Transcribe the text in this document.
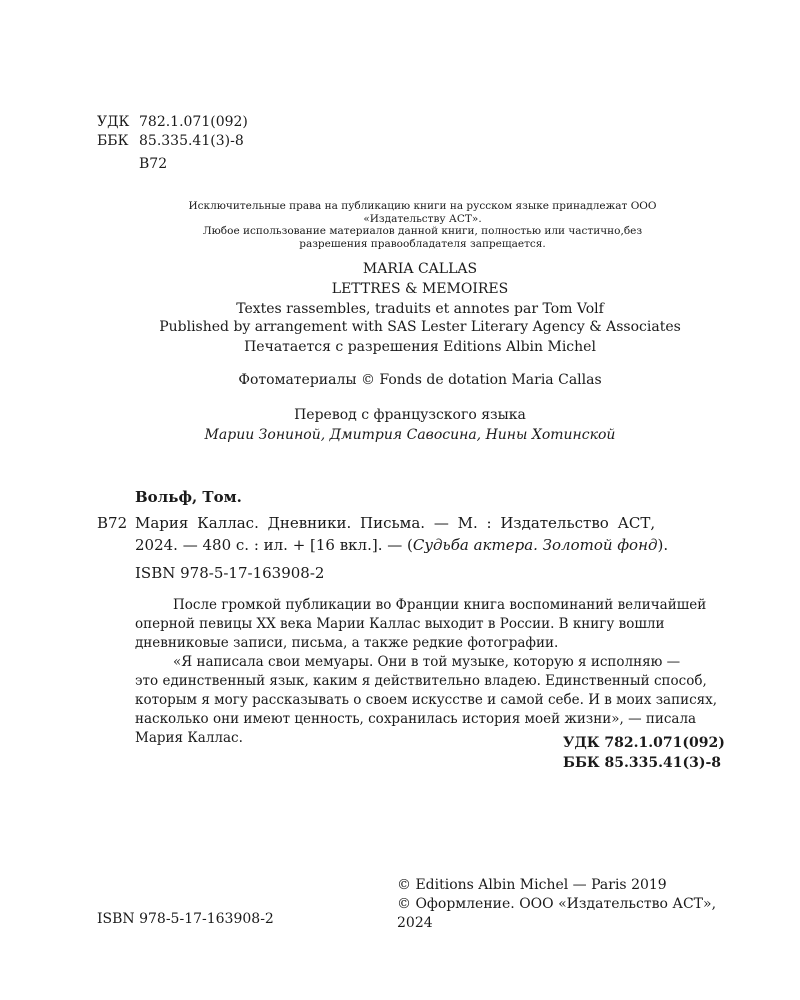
УДК 782.1.071(092)
ББК 85.335.41(3)-8
В72
Исключительные права на публикацию книги на русском языке принадлежат ООО
«Издательству АСТ».
Любое использование материалов данной книги, полностью или частично,без
разрешения правообладателя запрещается.
MARIA CALLAS
LETTRES & MEMOIRES
Textes rassembles, traduits et annotes par Tom Volf
Published by arrangement with SAS Lester Literary Agency & Associates
Печатается с разрешения Editions Albin Michel
Фотоматериалы © Fonds de dotation Maria Callas
Перевод с французского языка
Марии Зониной, Дмитрия Савосина, Нины Хотинской
Вольф, Том.
В72 Мария Каллас. Дневники. Письма. — М. : Издательство АСТ,
2024. — 480 с. : ил. + [16 вкл.]. — (Судьба актера. Золотой фонд).
ISBN 978-5-17-163908-2
После громкой публикации во Франции книга воспоминаний величайшей
оперной певицы XX века Марии Каллас выходит в России. В книгу вошли
дневниковые записи, письма, а также редкие фотографии.
«Я написала свои мемуары. Они в той музыке, которую я исполняю —
это единственный язык, каким я действительно владею. Единственный способ,
которым я могу рассказывать о своем искусстве и самой себе. И в моих записях,
насколько они имеют ценность, сохранилась история моей жизни», — писала
Мария Каллас.	УДК 782.1.071(092)
ББК 85.335.41(3)-8
ISBN 978-5-17-163908-2
© Editions Albin Michel — Paris 2019
© Оформление. ООО «Издательство АСТ»,
2024
